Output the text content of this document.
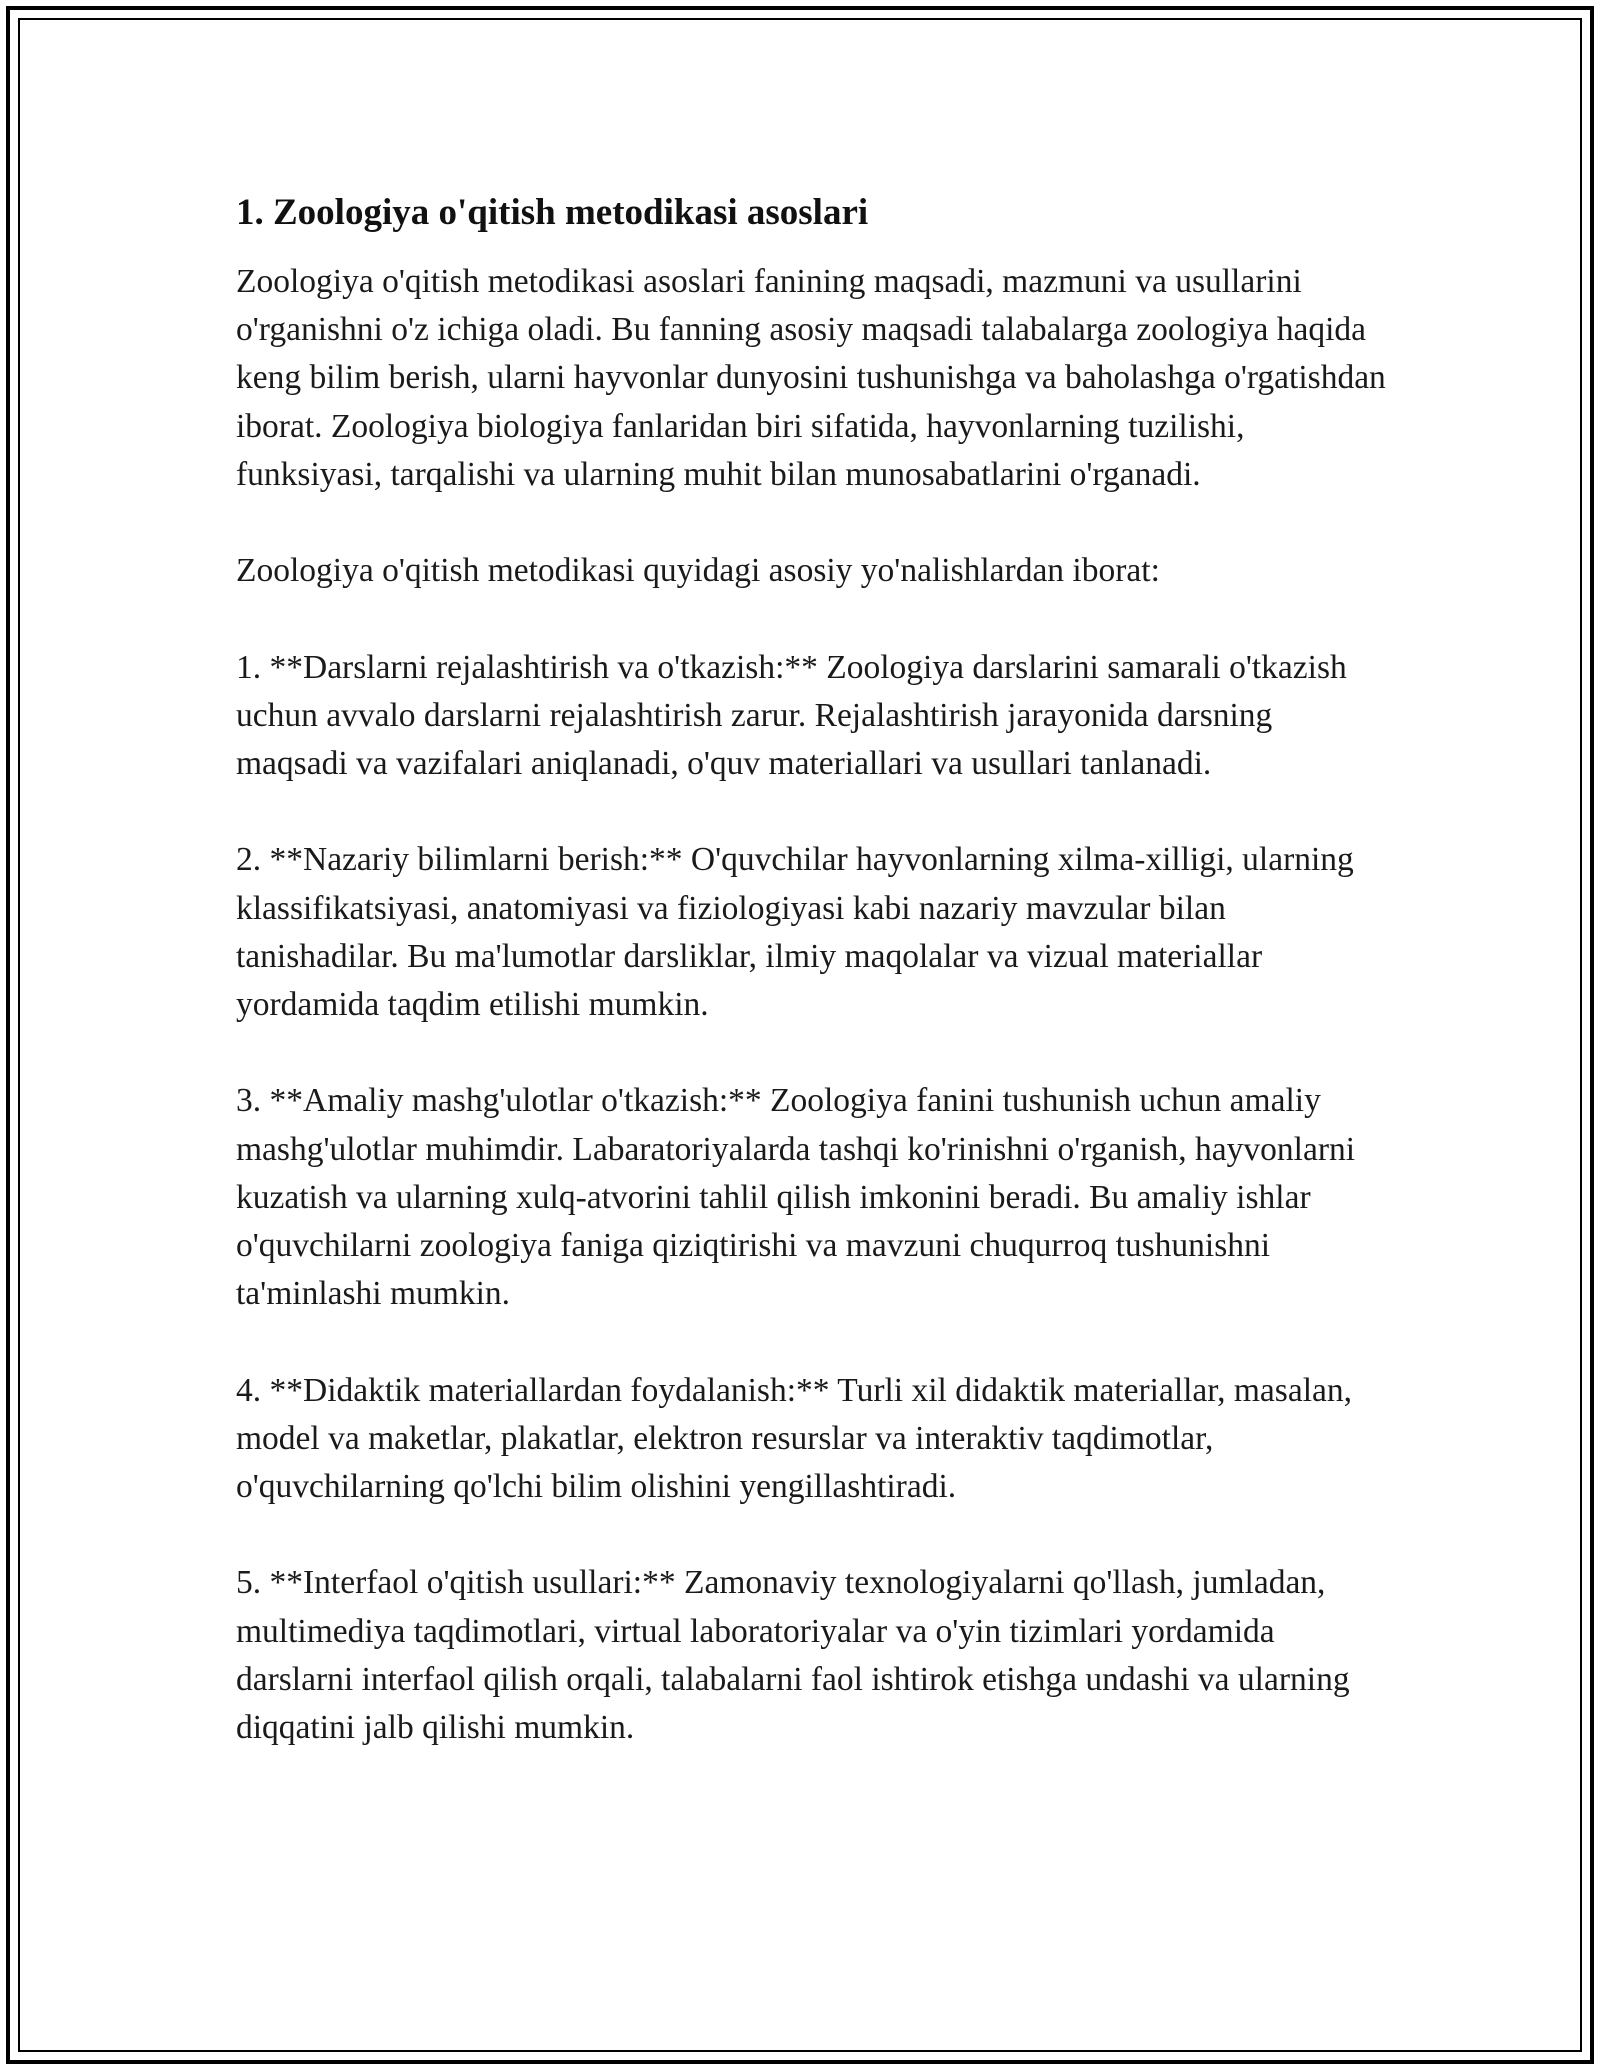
1. Zoologiya o'qitish metodikasi asoslari

Zoologiya o'qitish metodikasi asoslari fanining maqsadi, mazmuni va usullarini o'rganishni o'z ichiga oladi. Bu fanning asosiy maqsadi talabalarga zoologiya haqida keng bilim berish, ularni hayvonlar dunyosini tushunishga va baholashga o'rgatishdan iborat. Zoologiya biologiya fanlaridan biri sifatida, hayvonlarning tuzilishi, funksiyasi, tarqalishi va ularning muhit bilan munosabatlarini o'rganadi.

Zoologiya o'qitish metodikasi quyidagi asosiy yo'nalishlardan iborat:

1. **Darslarni rejalashtirish va o'tkazish:** Zoologiya darslarini samarali o'tkazish uchun avvalo darslarni rejalashtirish zarur. Rejalashtirish jarayonida darsning maqsadi va vazifalari aniqlanadi, o'quv materiallari va usullari tanlanadi.

2. **Nazariy bilimlarni berish:** O'quvchilar hayvonlarning xilma-xilligi, ularning klassifikatsiyasi, anatomiyasi va fiziologiyasi kabi nazariy mavzular bilan tanishadilar. Bu ma'lumotlar darsliklar, ilmiy maqolalar va vizual materiallar yordamida taqdim etilishi mumkin.

3. **Amaliy mashg'ulotlar o'tkazish:** Zoologiya fanini tushunish uchun amaliy mashg'ulotlar muhimdir. Labaratoriyalarda tashqi ko'rinishni o'rganish, hayvonlarni kuzatish va ularning xulq-atvorini tahlil qilish imkonini beradi. Bu amaliy ishlar o'quvchilarni zoologiya faniga qiziqtirishi va mavzuni chuqurroq tushunishni ta'minlashi mumkin.

4. **Didaktik materiallardan foydalanish:** Turli xil didaktik materiallar, masalan, model va maketlar, plakatlar, elektron resurslar va interaktiv taqdimotlar, o'quvchilarning qo'lchi bilim olishini yengillashtiradi.

5. **Interfaol o'qitish usullari:** Zamonaviy texnologiyalarni qo'llash, jumladan, multimediya taqdimotlari, virtual laboratoriyalar va o'yin tizimlari yordamida darslarni interfaol qilish orqali, talabalarni faol ishtirok etishga undashi va ularning diqqatini jalb qilishi mumkin.
